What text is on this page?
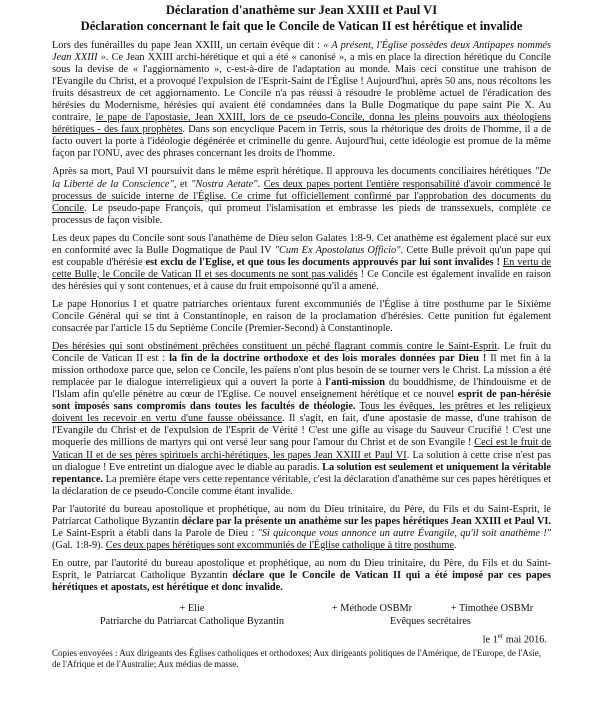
Déclaration d'anathème sur Jean XXIII et Paul VI
Déclaration concernant le fait que le Concile de Vatican II est hérétique et invalide

Lors des funérailles du pape Jean XXIII, un certain évêque dit : « A présent, l'Église possèdes deux Antipapes nommés Jean XXIII ». Ce Jean XXIII archi-hérétique et qui a été « canonisé », a mis en place la direction hérétique du Concile sous la devise de « l'aggiornamento », c-est-à-dire de l'adaptation au monde. Mais ceci constitue une trahison de l'Evangile du Christ, et a provoqué l'expulsion de l'Esprit-Saint de l'Église ! Aujourd'hui, après 50 ans, nous récoltons les fruits désastreux de cet aggiornamento. Le Concile n'a pas réussi à résoudre le problème actuel de l'éradication des hérésies du Modernisme, hérésies qui avaient été condamnées dans la Bulle Dogmatique du pape saint Pie X. Au contraire, le pape de l'apostasie, Jean XXIII, lors de ce pseudo-Concile, donna les pleins pouvoirs aux théologiens hérétiques - des faux prophètes. Dans son encyclique Pacem in Terris, sous la rhétorique des droits de l'homme, il a de facto ouvert la porte à l'idéologie dégénérée et criminelle du genre. Aujourd'hui, cette idéologie est promue de la même façon par l'ONU, avec des phrases concernant les droits de l'homme.

Après sa mort, Paul VI poursuivit dans le même esprit hérétique. Il approuva les documents conciliaires hérétiques "De la Liberté de la Conscience", et "Nostra Aetate". Ces deux papes portent l'entière responsabilité d'avoir commencé le processus de suicide interne de l'Église. Ce crime fut officiellement confirmé par l'approbation des documents du Concile. Le pseudo-pape François, qui promeut l'islamisation et embrasse les pieds de transsexuels, complète ce processus de façon visible.

Les deux papes du Concile sont sous l'anathème de Dieu selon Galates 1:8-9. Cet anathème est également placé sur eux en conformité avec la Bulle Dogmatique de Paul IV "Cum Ex Apostolatus Officio". Cette Bulle prévoit qu'un pape qui est coupable d'hérésie est exclu de l'Eglise, et que tous les documents approuvés par lui sont invalides ! En vertu de cette Bulle, le Concile de Vatican II et ses documents ne sont pas validés ! Ce Concile est également invalide en raison des hérésies qui y sont contenues, et à cause du fruit empoisonné qu'il a amené.

Le pape Honorius I et quatre patriarches orientaux furent excommuniés de l'Église à titre posthume par le Sixième Concile Général qui se tint à Constantinople, en raison de la proclamation d'hérésies. Cette punition fut également consacrée par l'article 15 du Septième Concile (Premier-Second) à Constantinople.

Des hérésies qui sont obstinément prêchées constituent un péché flagrant commis contre le Saint-Esprit. Le fruit du Concile de Vatican II est : la fin de la doctrine orthodoxe et des lois morales données par Dieu ! Il met fin à la mission orthodoxe parce que, selon ce Concile, les païens n'ont plus besoin de se tourner vers le Christ. La mission a été remplacée par le dialogue interreligieux qui a ouvert la porte à l'anti-mission du bouddhisme, de l'hindouisme et de l'Islam afin qu'elle pénètre au cœur de l'Eglise. Ce nouvel enseignement hérétique et ce nouvel esprit de pan-hérésie sont imposés sans compromis dans toutes les facultés de théologie. Tous les évêques, les prêtres et les religieux doivent les recevoir en vertu d'une fausse obéissance. Il s'agit, en fait, d'une apostasie de masse, d'une trahison de l'Evangile du Christ et de l'expulsion de l'Esprit de Vérité ! C'est une gifle au visage du Sauveur Crucifié ! C'est une moquerie des millions de martyrs qui ont versé leur sang pour l'amour du Christ et de son Evangile ! Ceci est le fruit de Vatican II et de ses pères spirituels archi-hérétiques, les papes Jean XXIII et Paul VI. La solution à cette crise n'est pas un dialogue ! Eve entretint un dialogue avec le diable au paradis. La solution est seulement et uniquement la véritable repentance. La première étape vers cette repentance véritable, c'est la déclaration d'anathème sur ces papes hérétiques et la déclaration de ce pseudo-Concile comme étant invalide.

Par l'autorité du bureau apostolique et prophétique, au nom du Dieu trinitaire, du Père, du Fils et du Saint-Esprit, le Patriarcat Catholique Byzantin déclare par la présente un anathème sur les papes hérétiques Jean XXIII et Paul VI. Le Saint-Esprit a établi dans la Parole de Dieu : "Si quiconque vous annonce un autre Évangile, qu'il soit anathème !" (Gal. 1:8-9). Ces deux papes hérétiques sont excommuniés de l'Église catholique à titre posthume.

En outre, par l'autorité du bureau apostolique et prophétique, au nom du Dieu trinitaire, du Père, du Fils et du Saint-Esprit, le Patriarcat Catholique Byzantin déclare que le Concile de Vatican II qui a été imposé par ces papes hérétiques et apostats, est hérétique et donc invalide.

+ Elie
Patriarche du Patriarcat Catholique Byzantin
+ Méthode OSBMr	+ Timothée OSBMr
Evêques secrétaires

le 1er mai 2016.

Copies envoyées : Aux dirigeants des Églises catholiques et orthodoxes; Aux dirigeants politiques de l'Amérique, de l'Europe, de l'Asie, de l'Afrique et de l'Australie; Aux médias de masse.
